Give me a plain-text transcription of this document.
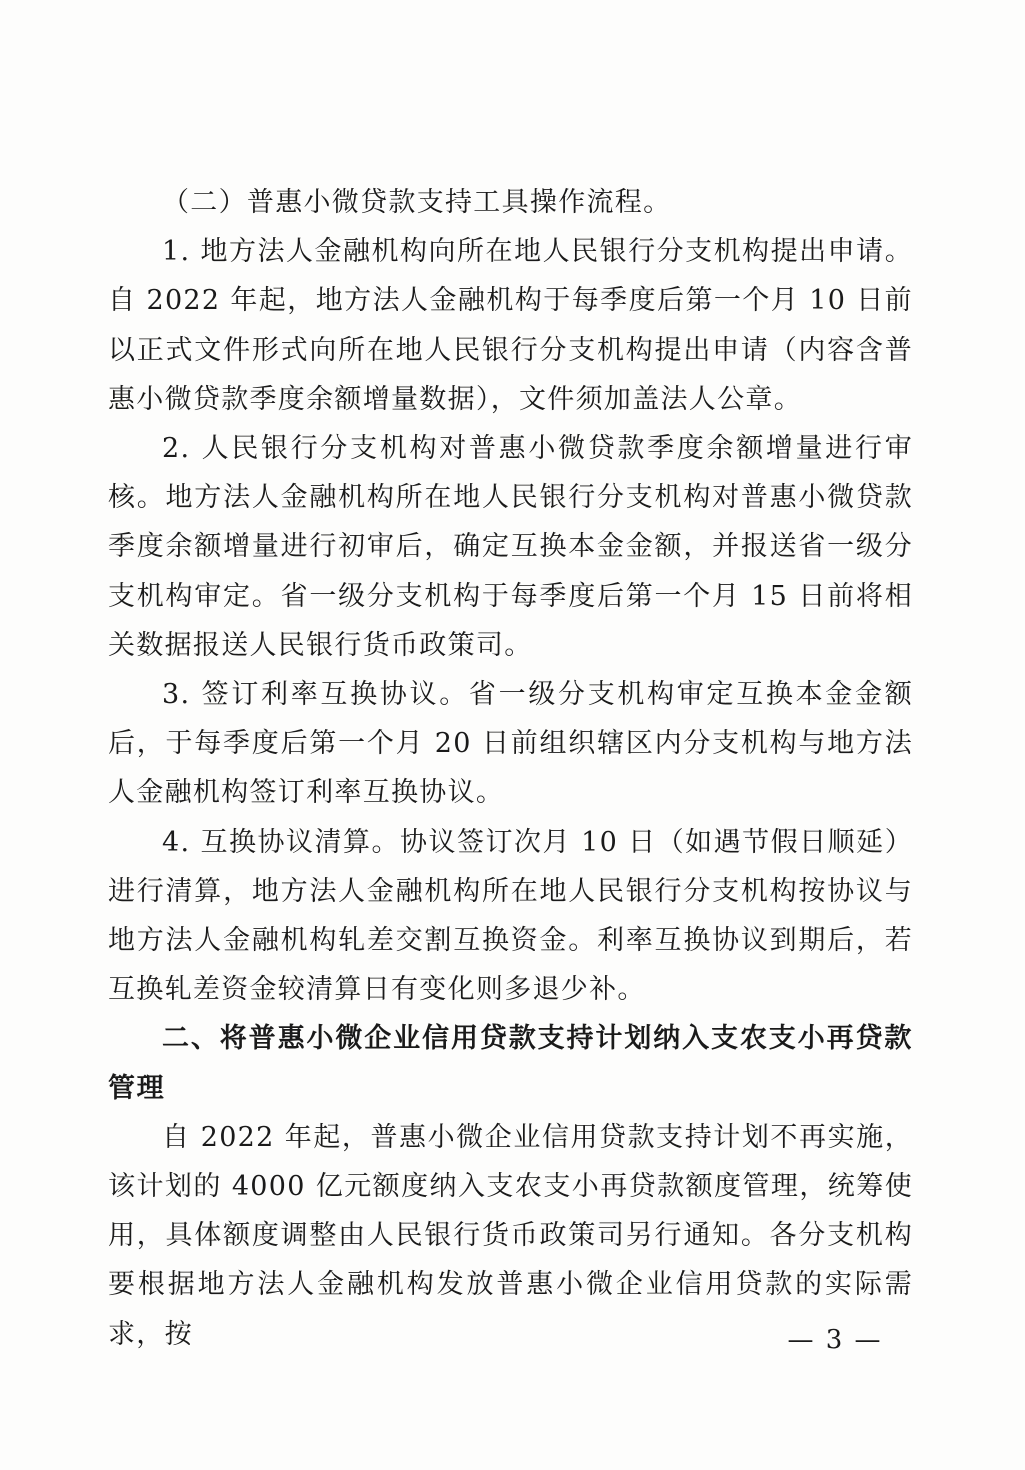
（二）普惠小微贷款支持工具操作流程。

1. 地方法人金融机构向所在地人民银行分支机构提出申请。自 2022 年起，地方法人金融机构于每季度后第一个月 10 日前以正式文件形式向所在地人民银行分支机构提出申请（内容含普惠小微贷款季度余额增量数据），文件须加盖法人公章。

2. 人民银行分支机构对普惠小微贷款季度余额增量进行审核。地方法人金融机构所在地人民银行分支机构对普惠小微贷款季度余额增量进行初审后，确定互换本金金额，并报送省一级分支机构审定。省一级分支机构于每季度后第一个月 15 日前将相关数据报送人民银行货币政策司。

3. 签订利率互换协议。省一级分支机构审定互换本金金额后，于每季度后第一个月 20 日前组织辖区内分支机构与地方法人金融机构签订利率互换协议。

4. 互换协议清算。协议签订次月 10 日（如遇节假日顺延）进行清算，地方法人金融机构所在地人民银行分支机构按协议与地方法人金融机构轧差交割互换资金。利率互换协议到期后，若互换轧差资金较清算日有变化则多退少补。

二、将普惠小微企业信用贷款支持计划纳入支农支小再贷款管理

自 2022 年起，普惠小微企业信用贷款支持计划不再实施，该计划的 4000 亿元额度纳入支农支小再贷款额度管理，统筹使用，具体额度调整由人民银行货币政策司另行通知。各分支机构要根据地方法人金融机构发放普惠小微企业信用贷款的实际需求，按	— 3 —
